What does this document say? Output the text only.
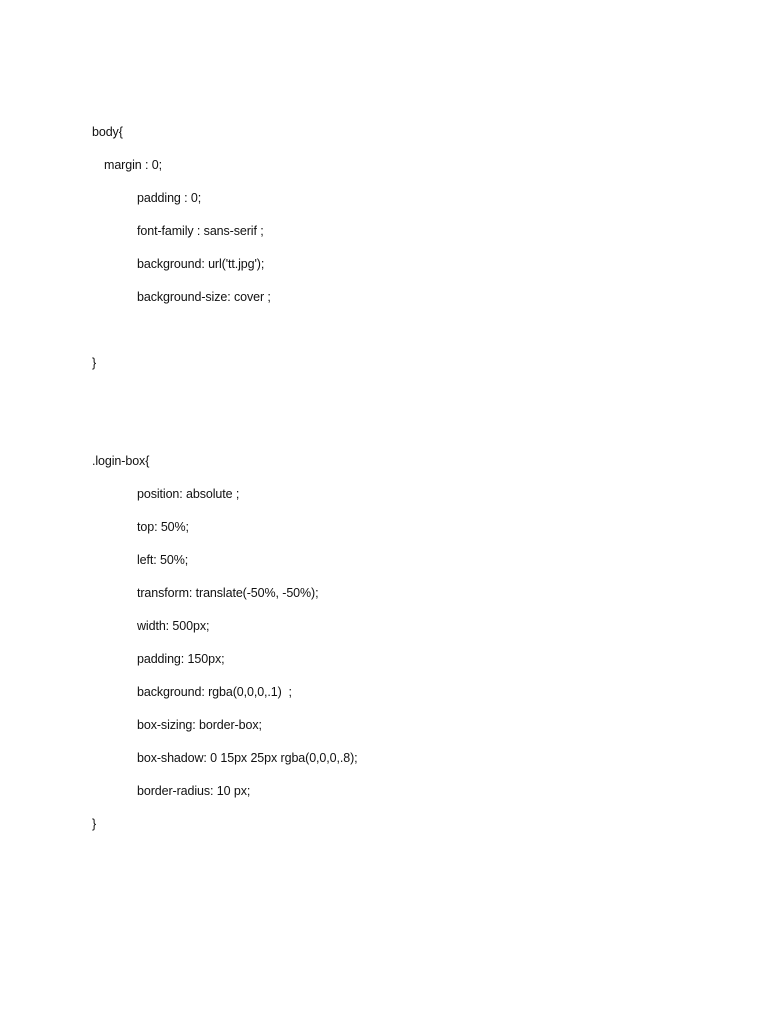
body{
margin : 0;
padding : 0;
font-family : sans-serif ;
background: url('tt.jpg');
background-size: cover ;
}
.login-box{
position: absolute ;
top: 50%;
left: 50%;
transform: translate(-50%, -50%);
width: 500px;
padding: 150px;
background: rgba(0,0,0,.1)  ;
box-sizing: border-box;
box-shadow: 0 15px 25px rgba(0,0,0,.8);
border-radius: 10 px;
}
